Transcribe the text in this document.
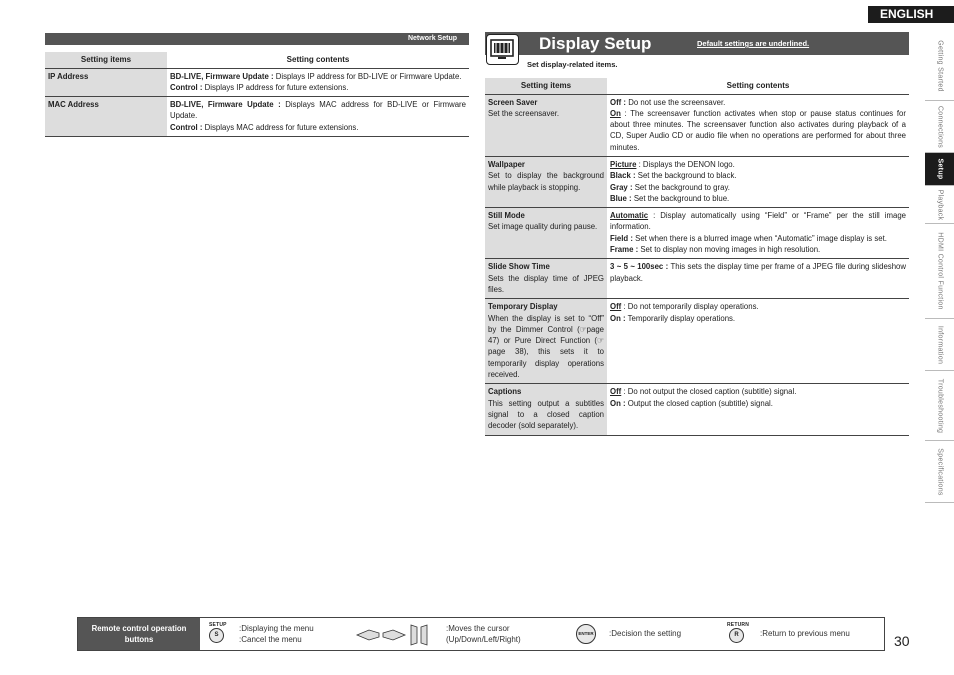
ENGLISH
Getting Started
Connections
Setup
Playback
HDMI Control Function
Information
Troubleshooting
Specifications
Network Setup
Setting items	Setting contents

IP Address	BD-LIVE, Firmware Update : Displays IP address for BD-LIVE or Firmware Update.
Control : Displays IP address for future extensions.

MAC Address	BD-LIVE, Firmware Update : Displays MAC address for BD-LIVE or Firmware Update.
Control : Displays MAC address for future extensions.
Display Setup	Default settings are underlined.
Set display-related items.
Setting items	Setting contents

Screen Saver
Set the screensaver.	Off : Do not use the screensaver.
On : The screensaver function activates when stop or pause status continues for about three minutes. The screensaver function also activates during playback of a CD, Super Audio CD or audio file when no operations are performed for about three minutes.

Wallpaper
Set to display the background while playback is stopping.	Picture : Displays the DENON logo.
Black : Set the background to black.
Gray : Set the background to gray.
Blue : Set the background to blue.

Still Mode
Set image quality during pause.	Automatic : Display automatically using “Field” or “Frame” per the still image information.
Field : Set when there is a blurred image when “Automatic” image display is set.
Frame : Set to display non moving images in high resolution.

Slide Show Time
Sets the display time of JPEG files.	3 ~ 5 ~ 100sec : This sets the display time per frame of a JPEG file during slideshow playback.

Temporary Display
When the display is set to “Off” by the Dimmer Control (☞page 47) or Pure Direct Function (☞page 38), this sets it to temporarily display operations received.	Off : Do not temporarily display operations.
On : Temporarily display operations.

Captions
This setting output a subtitles signal to a closed caption decoder (sold separately).	Off : Do not output the closed caption (subtitle) signal.
On : Output the closed caption (subtitle) signal.
Remote control operation buttons
SETUP
S
:Displaying the menu
:Cancel the menu
:Moves the cursor
(Up/Down/Left/Right)
ENTER :Decision the setting
RETURN
R	:Return to previous menu	30
